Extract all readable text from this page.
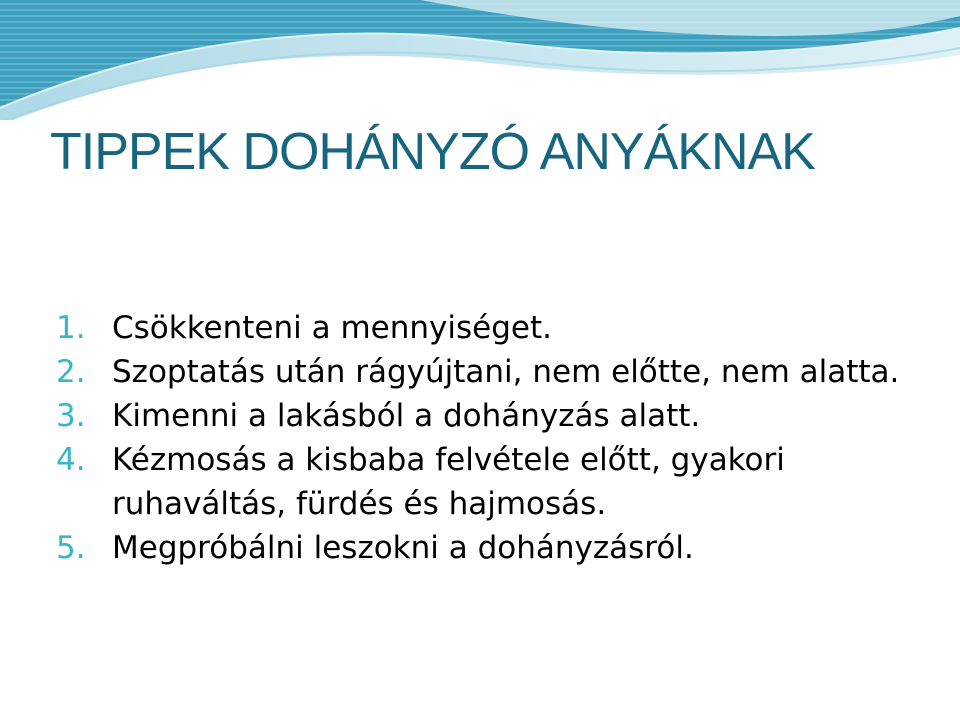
TIPPEK DOHÁNYZÓ ANYÁKNAK
1. Csökkenteni a mennyiséget.
2. Szoptatás után rágyújtani, nem előtte, nem alatta.
3. Kimenni a lakásból a dohányzás alatt.
4. Kézmosás a kisbaba felvétele előtt, gyakori ruhaváltás, fürdés és hajmosás.
5. Megpróbálni leszokni a dohányzásról.
